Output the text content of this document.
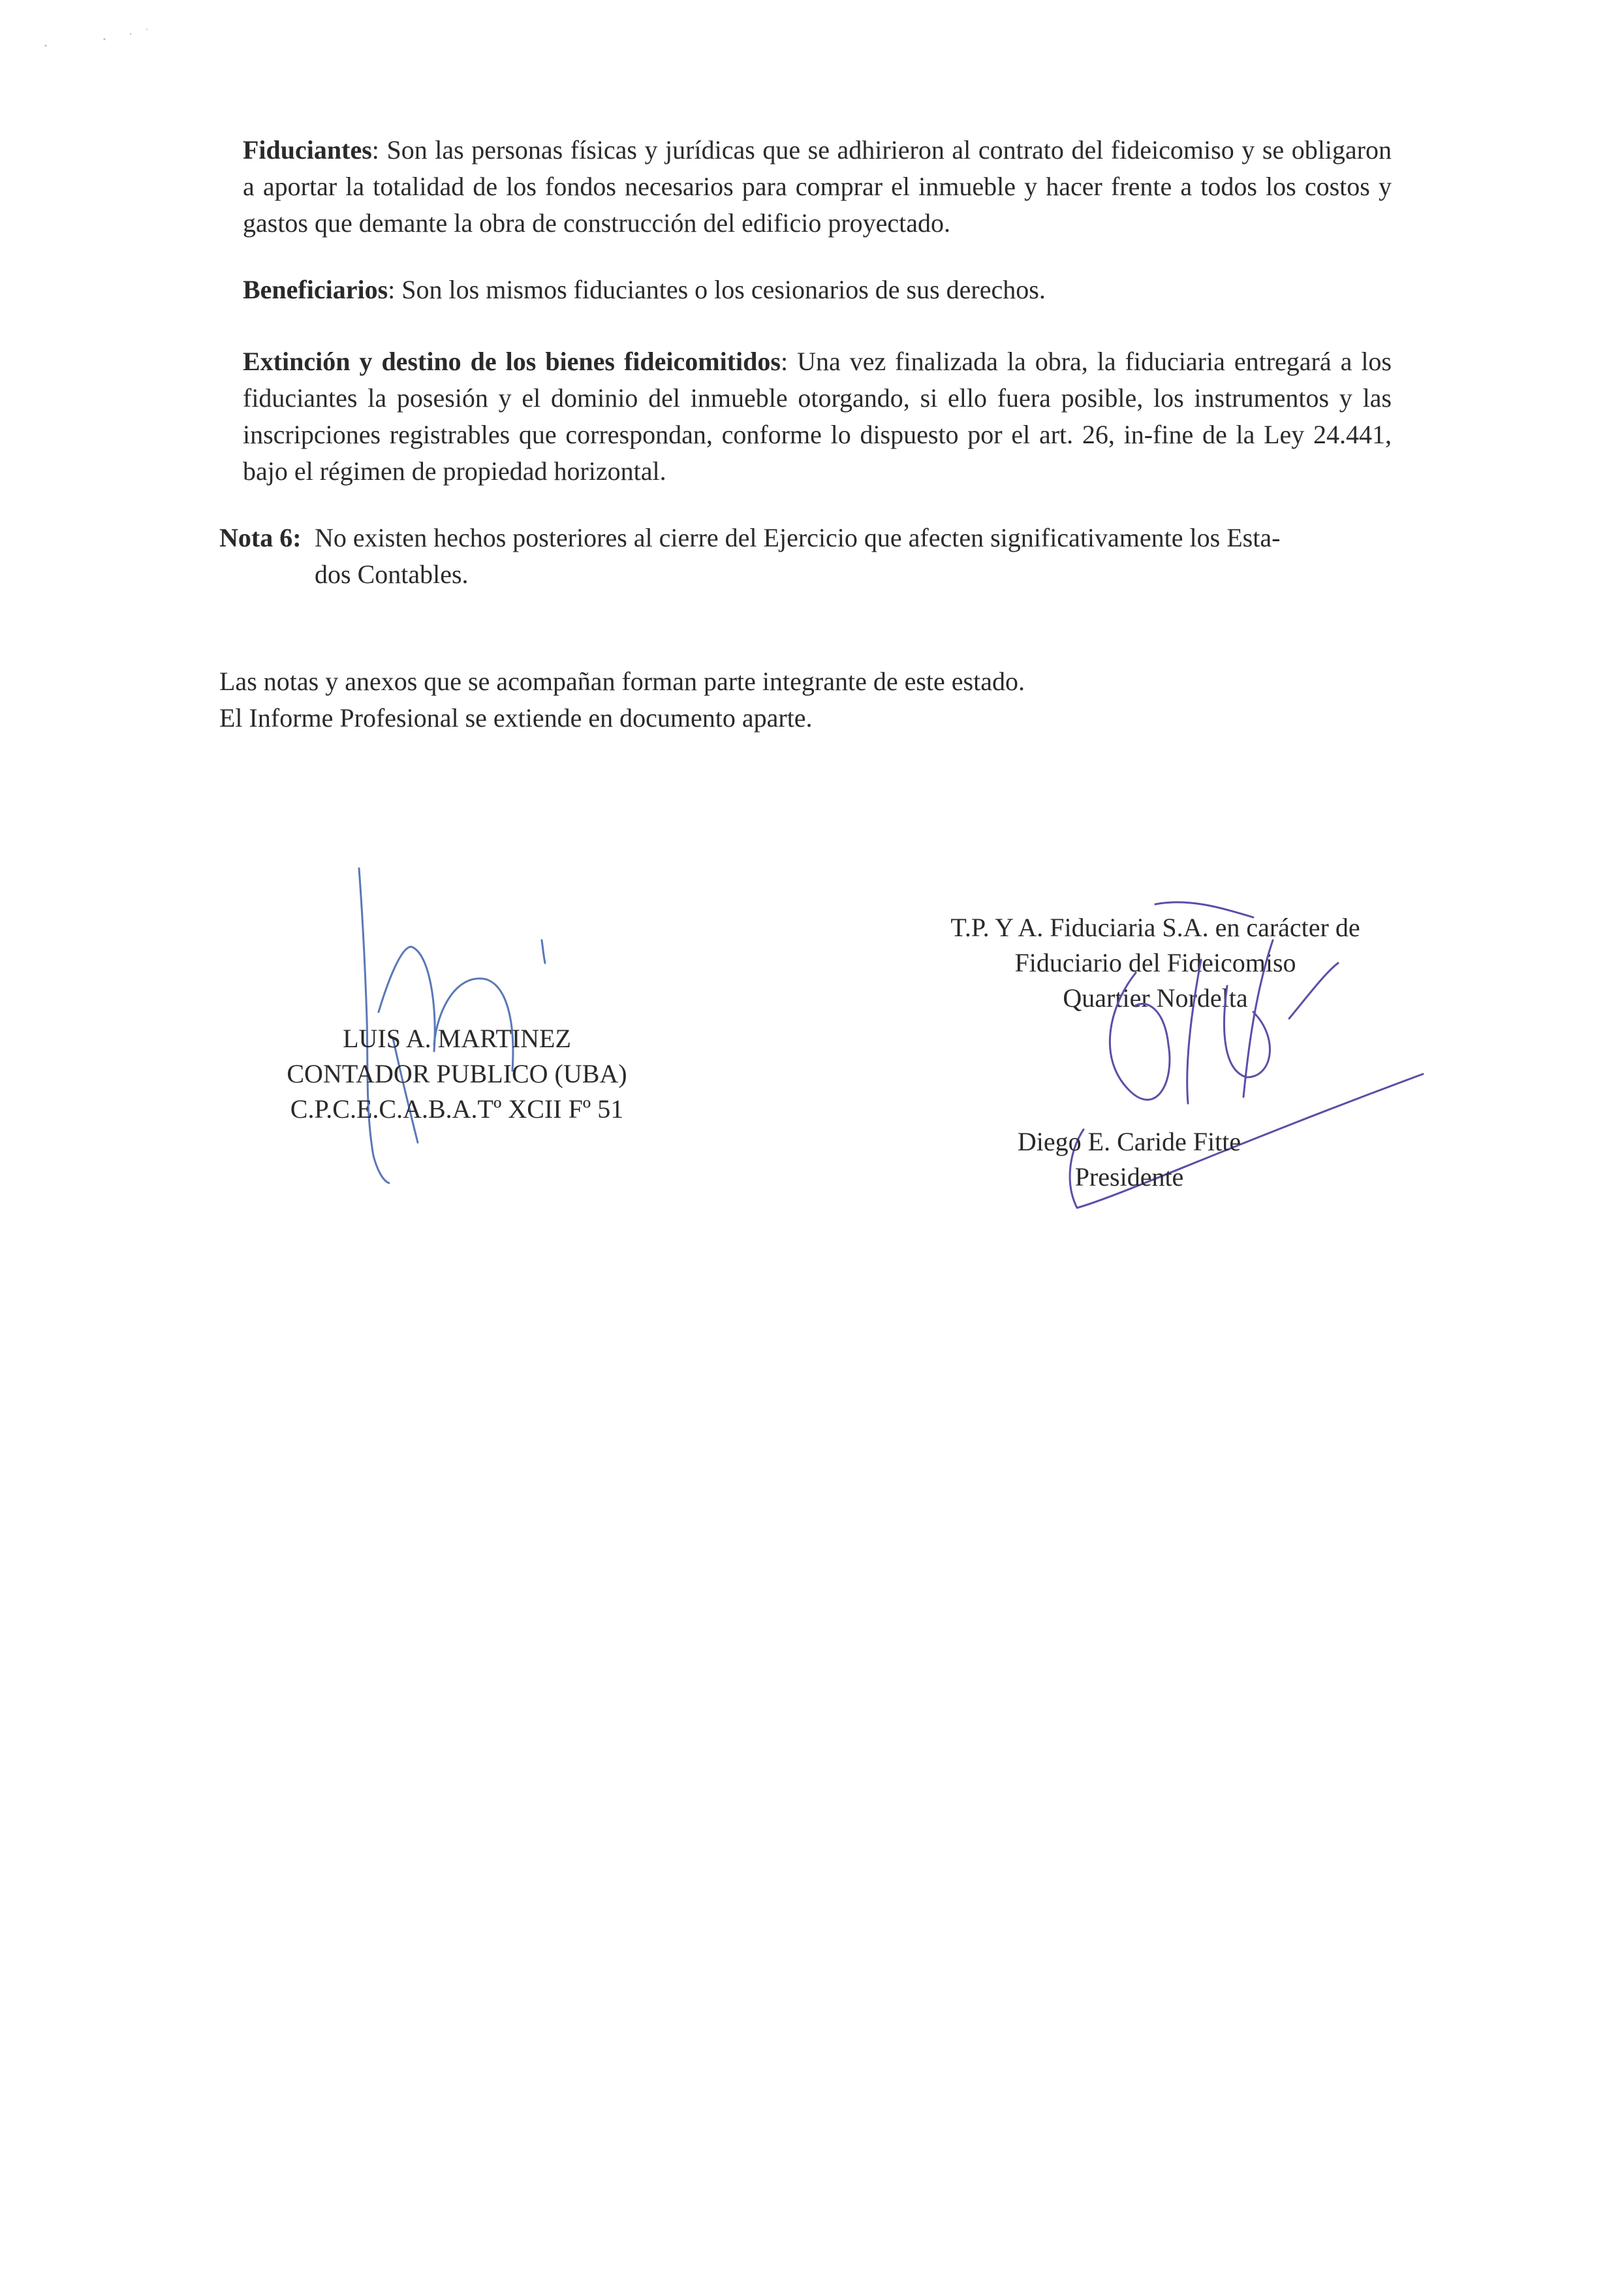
Fiduciantes: Son las personas físicas y jurídicas que se adhirieron al contrato del fideicomiso y se obligaron a aportar la totalidad de los fondos necesarios para comprar el inmueble y hacer frente a todos los costos y gastos que demante la obra de construcción del edificio proyectado.

Beneficiarios: Son los mismos fiduciantes o los cesionarios de sus derechos.

Extinción y destino de los bienes fideicomitidos: Una vez finalizada la obra, la fiduciaria entregará a los fiduciantes la posesión y el dominio del inmueble otorgando, si ello fuera posible, los instrumentos y las inscripciones registrables que correspondan, conforme lo dispuesto por el art. 26, in-fine de la Ley 24.441, bajo el régimen de propiedad horizontal.

Nota 6: No existen hechos posteriores al cierre del Ejercicio que afecten significativamente los Esta-
dos Contables.
Las notas y anexos que se acompañan forman parte integrante de este estado.
El Informe Profesional se extiende en documento aparte.
LUIS A. MARTINEZ
CONTADOR PUBLICO (UBA)
C.P.C.E.C.A.B.A.Tº XCII Fº 51
T.P. Y A. Fiduciaria S.A. en carácter de
Fiduciario del Fideicomiso
Quartier Nordelta
Diego E. Caride Fitte
Presidente
